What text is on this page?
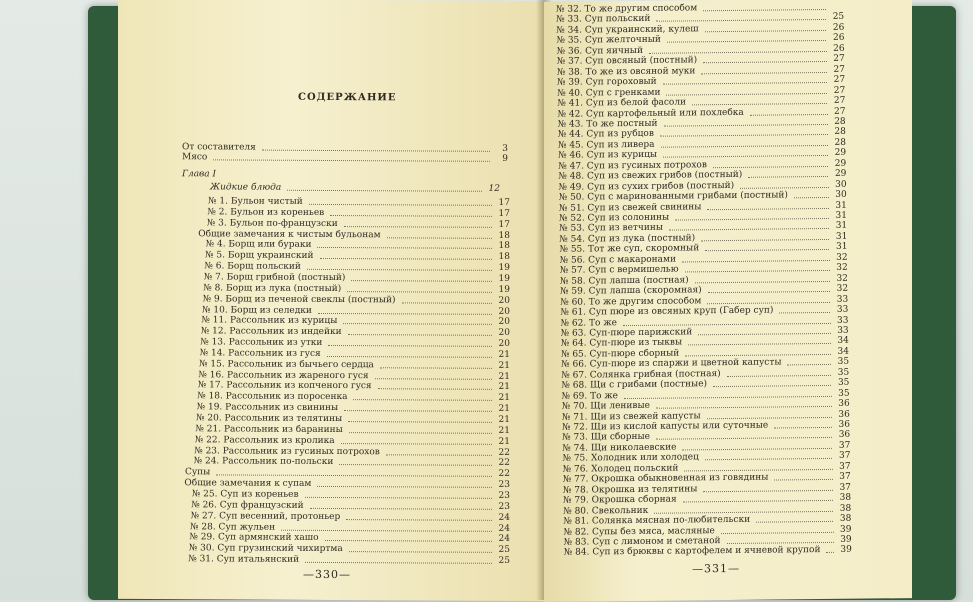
СОДЕРЖАНИЕ
От составителя	3
Мясо	9
Глава I
Жидкие блюда	12
№ 1. Бульон чистый	17
№ 2. Бульон из кореньев	17
№ 3. Бульон по-французски	17
Общие замечания к чистым бульонам	18
№ 4. Борщ или бураки	18
№ 5. Борщ украинский	18
№ 6. Борщ польский	19
№ 7. Борщ грибной (постный)	19
№ 8. Борщ из лука (постный)	19
№ 9. Борщ из печеной свеклы (постный)	20
№ 10. Борщ из селедки	20
№ 11. Рассольник из курицы	20
№ 12. Рассольник из индейки	20
№ 13. Рассольник из утки	20
№ 14. Рассольник из гуся	21
№ 15. Рассольник из бычьего сердца	21
№ 16. Рассольник из жареного гуся	21
№ 17. Рассольник из копченого гуся	21
№ 18. Рассольник из поросенка	21
№ 19. Рассольник из свинины	21
№ 20. Рассольник из телятины	21
№ 21. Рассольник из баранины	21
№ 22. Рассольник из кролика	21
№ 23. Рассольник из гусиных потрохов	22
№ 24. Рассольник по-польски	22
Супы	22
Общие замечания к супам	23
№ 25. Суп из кореньев	23
№ 26. Суп французский	23
№ 27. Суп весенний, протоньер	24
№ 28. Суп жульен	24
№ 29. Суп армянский хашо	24
№ 30. Суп грузинский чихиртма	25
№ 31. Суп итальянский	25
—330—
№ 32. То же другим способом
№ 33. Суп польский	25
№ 34. Суп украинский, кулеш	26
№ 35. Суп желточный	26
№ 36. Суп яичный	26
№ 37. Суп овсяный (постный)	27
№ 38. То же из овсяной муки	27
№ 39. Суп гороховый	27
№ 40. Суп с гренками	27
№ 41. Суп из белой фасоли	27
№ 42. Суп картофельный или похлебка	27
№ 43. То же постный	28
№ 44. Суп из рубцов	28
№ 45. Суп из ливера	28
№ 46. Суп из курицы	29
№ 47. Суп из гусиных потрохов	29
№ 48. Суп из свежих грибов (постный)	29
№ 49. Суп из сухих грибов (постный)	30
№ 50. Суп с маринованными грибами (постный)	30
№ 51. Суп из свежей свинины	31
№ 52. Суп из солонины	31
№ 53. Суп из ветчины	31
№ 54. Суп из лука (постный)	31
№ 55. Тот же суп, скоромный	31
№ 56. Суп с макаронами	32
№ 57. Суп с вермишелью	32
№ 58. Суп лапша (постная)	32
№ 59. Суп лапша (скоромная)	32
№ 60. То же другим способом	33
№ 61. Суп пюре из овсяных круп (Габер суп)	33
№ 62. То же	33
№ 63. Суп-пюре парижский	33
№ 64. Суп-пюре из тыквы	34
№ 65. Суп-пюре сборный	34
№ 66. Суп-пюре из спаржи и цветной капусты	35
№ 67. Солянка грибная (постная)	35
№ 68. Щи с грибами (постные)	35
№ 69. То же	35
№ 70. Щи ленивые	36
№ 71. Щи из свежей капусты	36
№ 72. Щи из кислой капусты или суточные	36
№ 73. Щи сборные	36
№ 74. Щи николаевские	37
№ 75. Холодник или холодец	37
№ 76. Холодец польский	37
№ 77. Окрошка обыкновенная из говядины	37
№ 78. Окрошка из телятины	37
№ 79. Окрошка сборная	38
№ 80. Свекольник	38
№ 81. Солянка мясная по-любительски	38
№ 82. Супы без мяса, масляные	39
№ 83. Суп с лимоном и сметаной	39
№ 84. Суп из брюквы с картофелем и ячневой крупой	39
—331—
